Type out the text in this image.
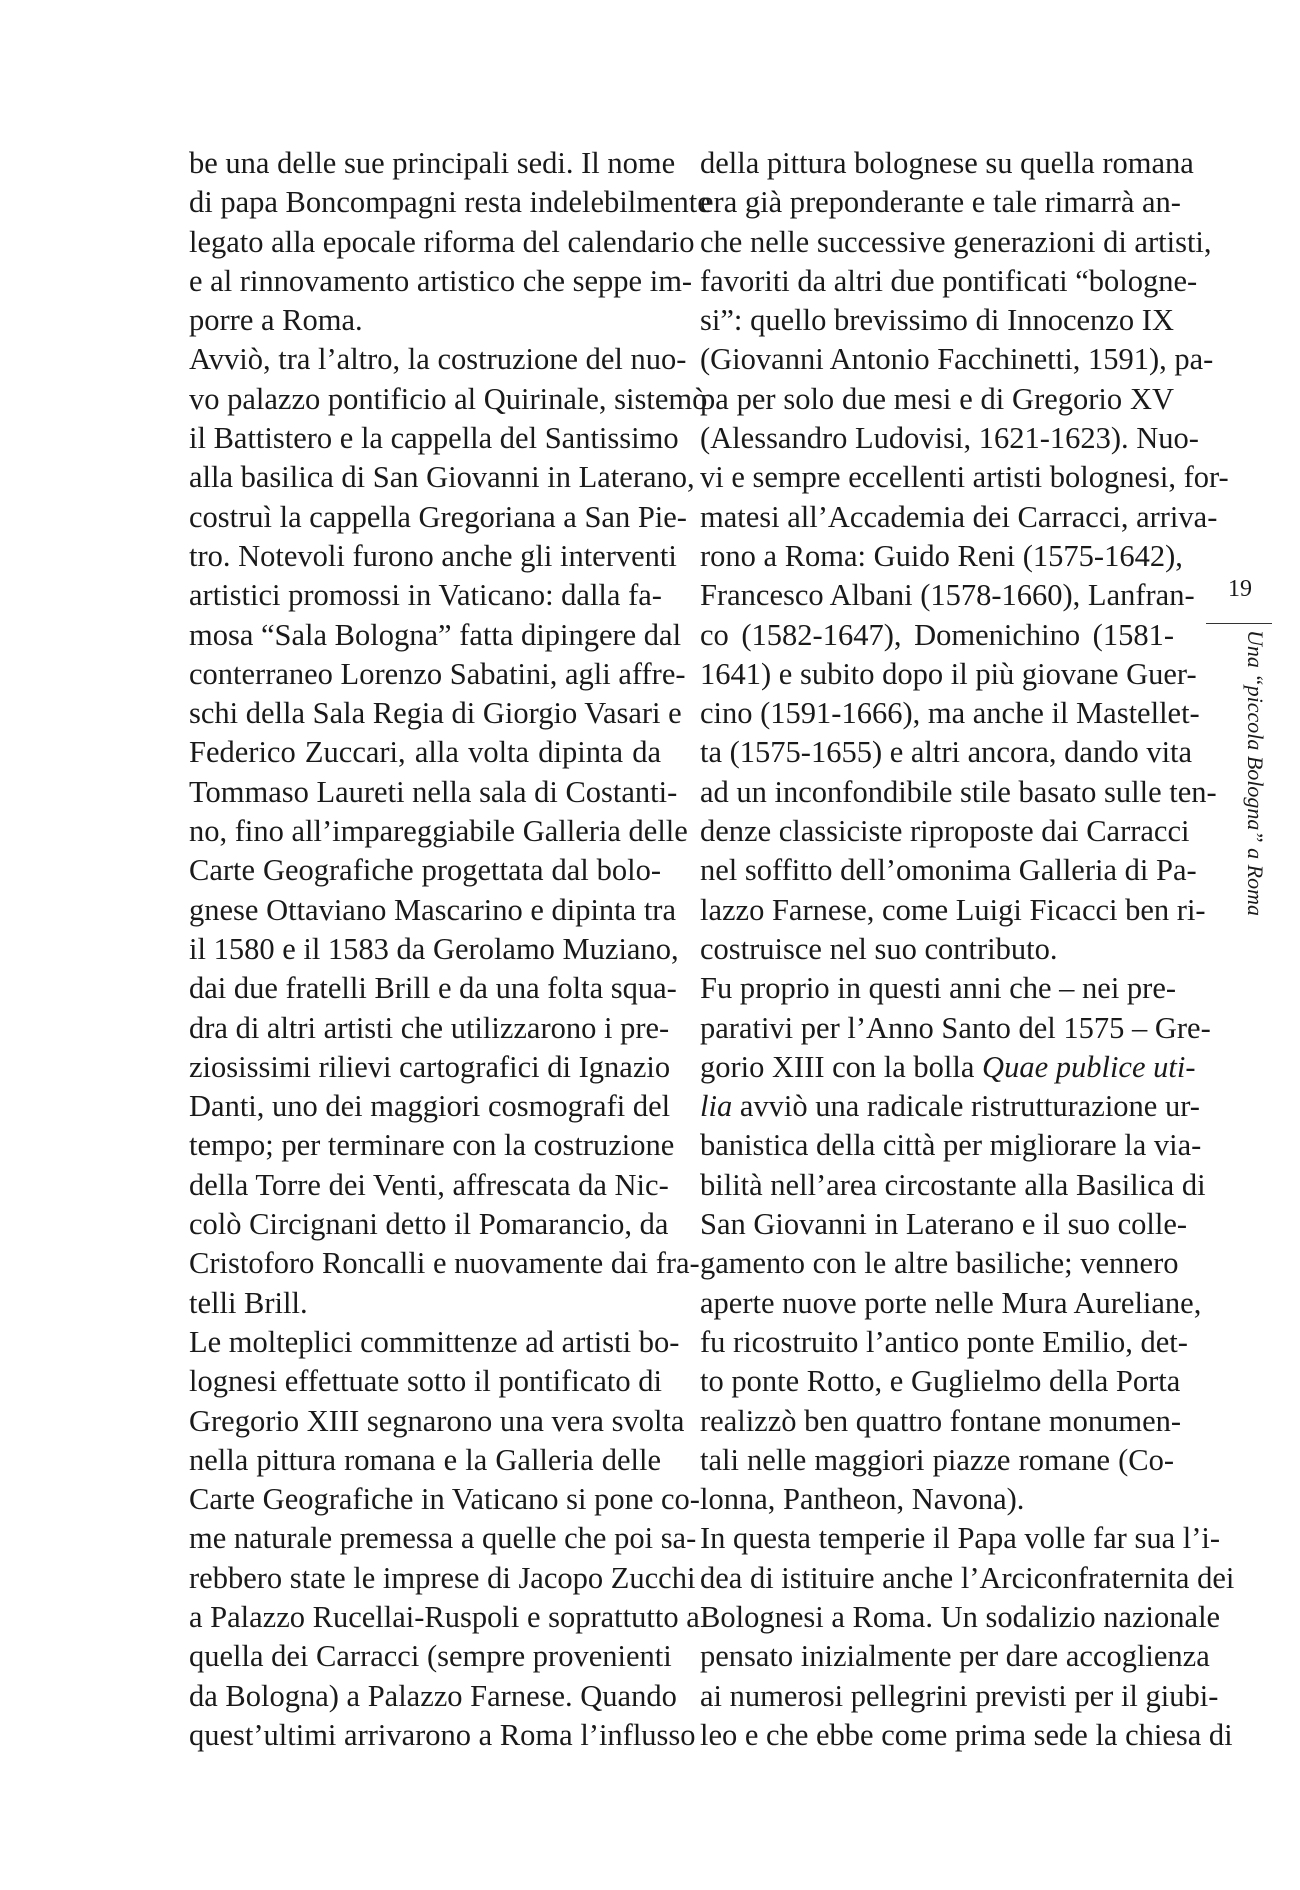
be una delle sue principali sedi. Il nome
di papa Boncompagni resta indelebilmente
legato alla epocale riforma del calendario
e al rinnovamento artistico che seppe im-
porre a Roma.
Avviò, tra l’altro, la costruzione del nuo-
vo palazzo pontificio al Quirinale, sistemò
il Battistero e la cappella del Santissimo
alla basilica di San Giovanni in Laterano,
costruì la cappella Gregoriana a San Pie-
tro. Notevoli furono anche gli interventi
artistici promossi in Vaticano: dalla fa-
mosa “Sala Bologna” fatta dipingere dal
conterraneo Lorenzo Sabatini, agli affre-
schi della Sala Regia di Giorgio Vasari e
Federico Zuccari, alla volta dipinta da
Tommaso Laureti nella sala di Costanti-
no, fino all’impareggiabile Galleria delle
Carte Geografiche progettata dal bolo-
gnese Ottaviano Mascarino e dipinta tra
il 1580 e il 1583 da Gerolamo Muziano,
dai due fratelli Brill e da una folta squa-
dra di altri artisti che utilizzarono i pre-
ziosissimi rilievi cartografici di Ignazio
Danti, uno dei maggiori cosmografi del
tempo; per terminare con la costruzione
della Torre dei Venti, affrescata da Nic-
colò Circignani detto il Pomarancio, da
Cristoforo Roncalli e nuovamente dai fra-
telli Brill.
Le molteplici committenze ad artisti bo-
lognesi effettuate sotto il pontificato di
Gregorio XIII segnarono una vera svolta
nella pittura romana e la Galleria delle
Carte Geografiche in Vaticano si pone co-
me naturale premessa a quelle che poi sa-
rebbero state le imprese di Jacopo Zucchi
a Palazzo Rucellai-Ruspoli e soprattutto a
quella dei Carracci (sempre provenienti
da Bologna) a Palazzo Farnese. Quando
quest’ultimi arrivarono a Roma l’influsso
della pittura bolognese su quella romana
era già preponderante e tale rimarrà an-
che nelle successive generazioni di artisti,
favoriti da altri due pontificati “bologne-
si”: quello brevissimo di Innocenzo IX
(Giovanni Antonio Facchinetti, 1591), pa-
pa per solo due mesi e di Gregorio XV
(Alessandro Ludovisi, 1621-1623). Nuo-
vi e sempre eccellenti artisti bolognesi, for-
matesi all’Accademia dei Carracci, arriva-
rono a Roma: Guido Reni (1575-1642),
Francesco Albani (1578-1660), Lanfran-
co (1582-1647), Domenichino (1581-
1641) e subito dopo il più giovane Guer-
cino (1591-1666), ma anche il Mastellet-
ta (1575-1655) e altri ancora, dando vita
ad un inconfondibile stile basato sulle ten-
denze classiciste riproposte dai Carracci
nel soffitto dell’omonima Galleria di Pa-
lazzo Farnese, come Luigi Ficacci ben ri-
costruisce nel suo contributo.
Fu proprio in questi anni che – nei pre-
parativi per l’Anno Santo del 1575 – Gre-
gorio XIII con la bolla Quae publice uti-
lia avviò una radicale ristrutturazione ur-
banistica della città per migliorare la via-
bilità nell’area circostante alla Basilica di
San Giovanni in Laterano e il suo colle-
gamento con le altre basiliche; vennero
aperte nuove porte nelle Mura Aureliane,
fu ricostruito l’antico ponte Emilio, det-
to ponte Rotto, e Guglielmo della Porta
realizzò ben quattro fontane monumen-
tali nelle maggiori piazze romane (Co-
lonna, Pantheon, Navona).
In questa temperie il Papa volle far sua l’i-
dea di istituire anche l’Arciconfraternita dei
Bolognesi a Roma. Un sodalizio nazionale
pensato inizialmente per dare accoglienza
ai numerosi pellegrini previsti per il giubi-
leo e che ebbe come prima sede la chiesa di
19
Una “piccola Bologna” a Roma
